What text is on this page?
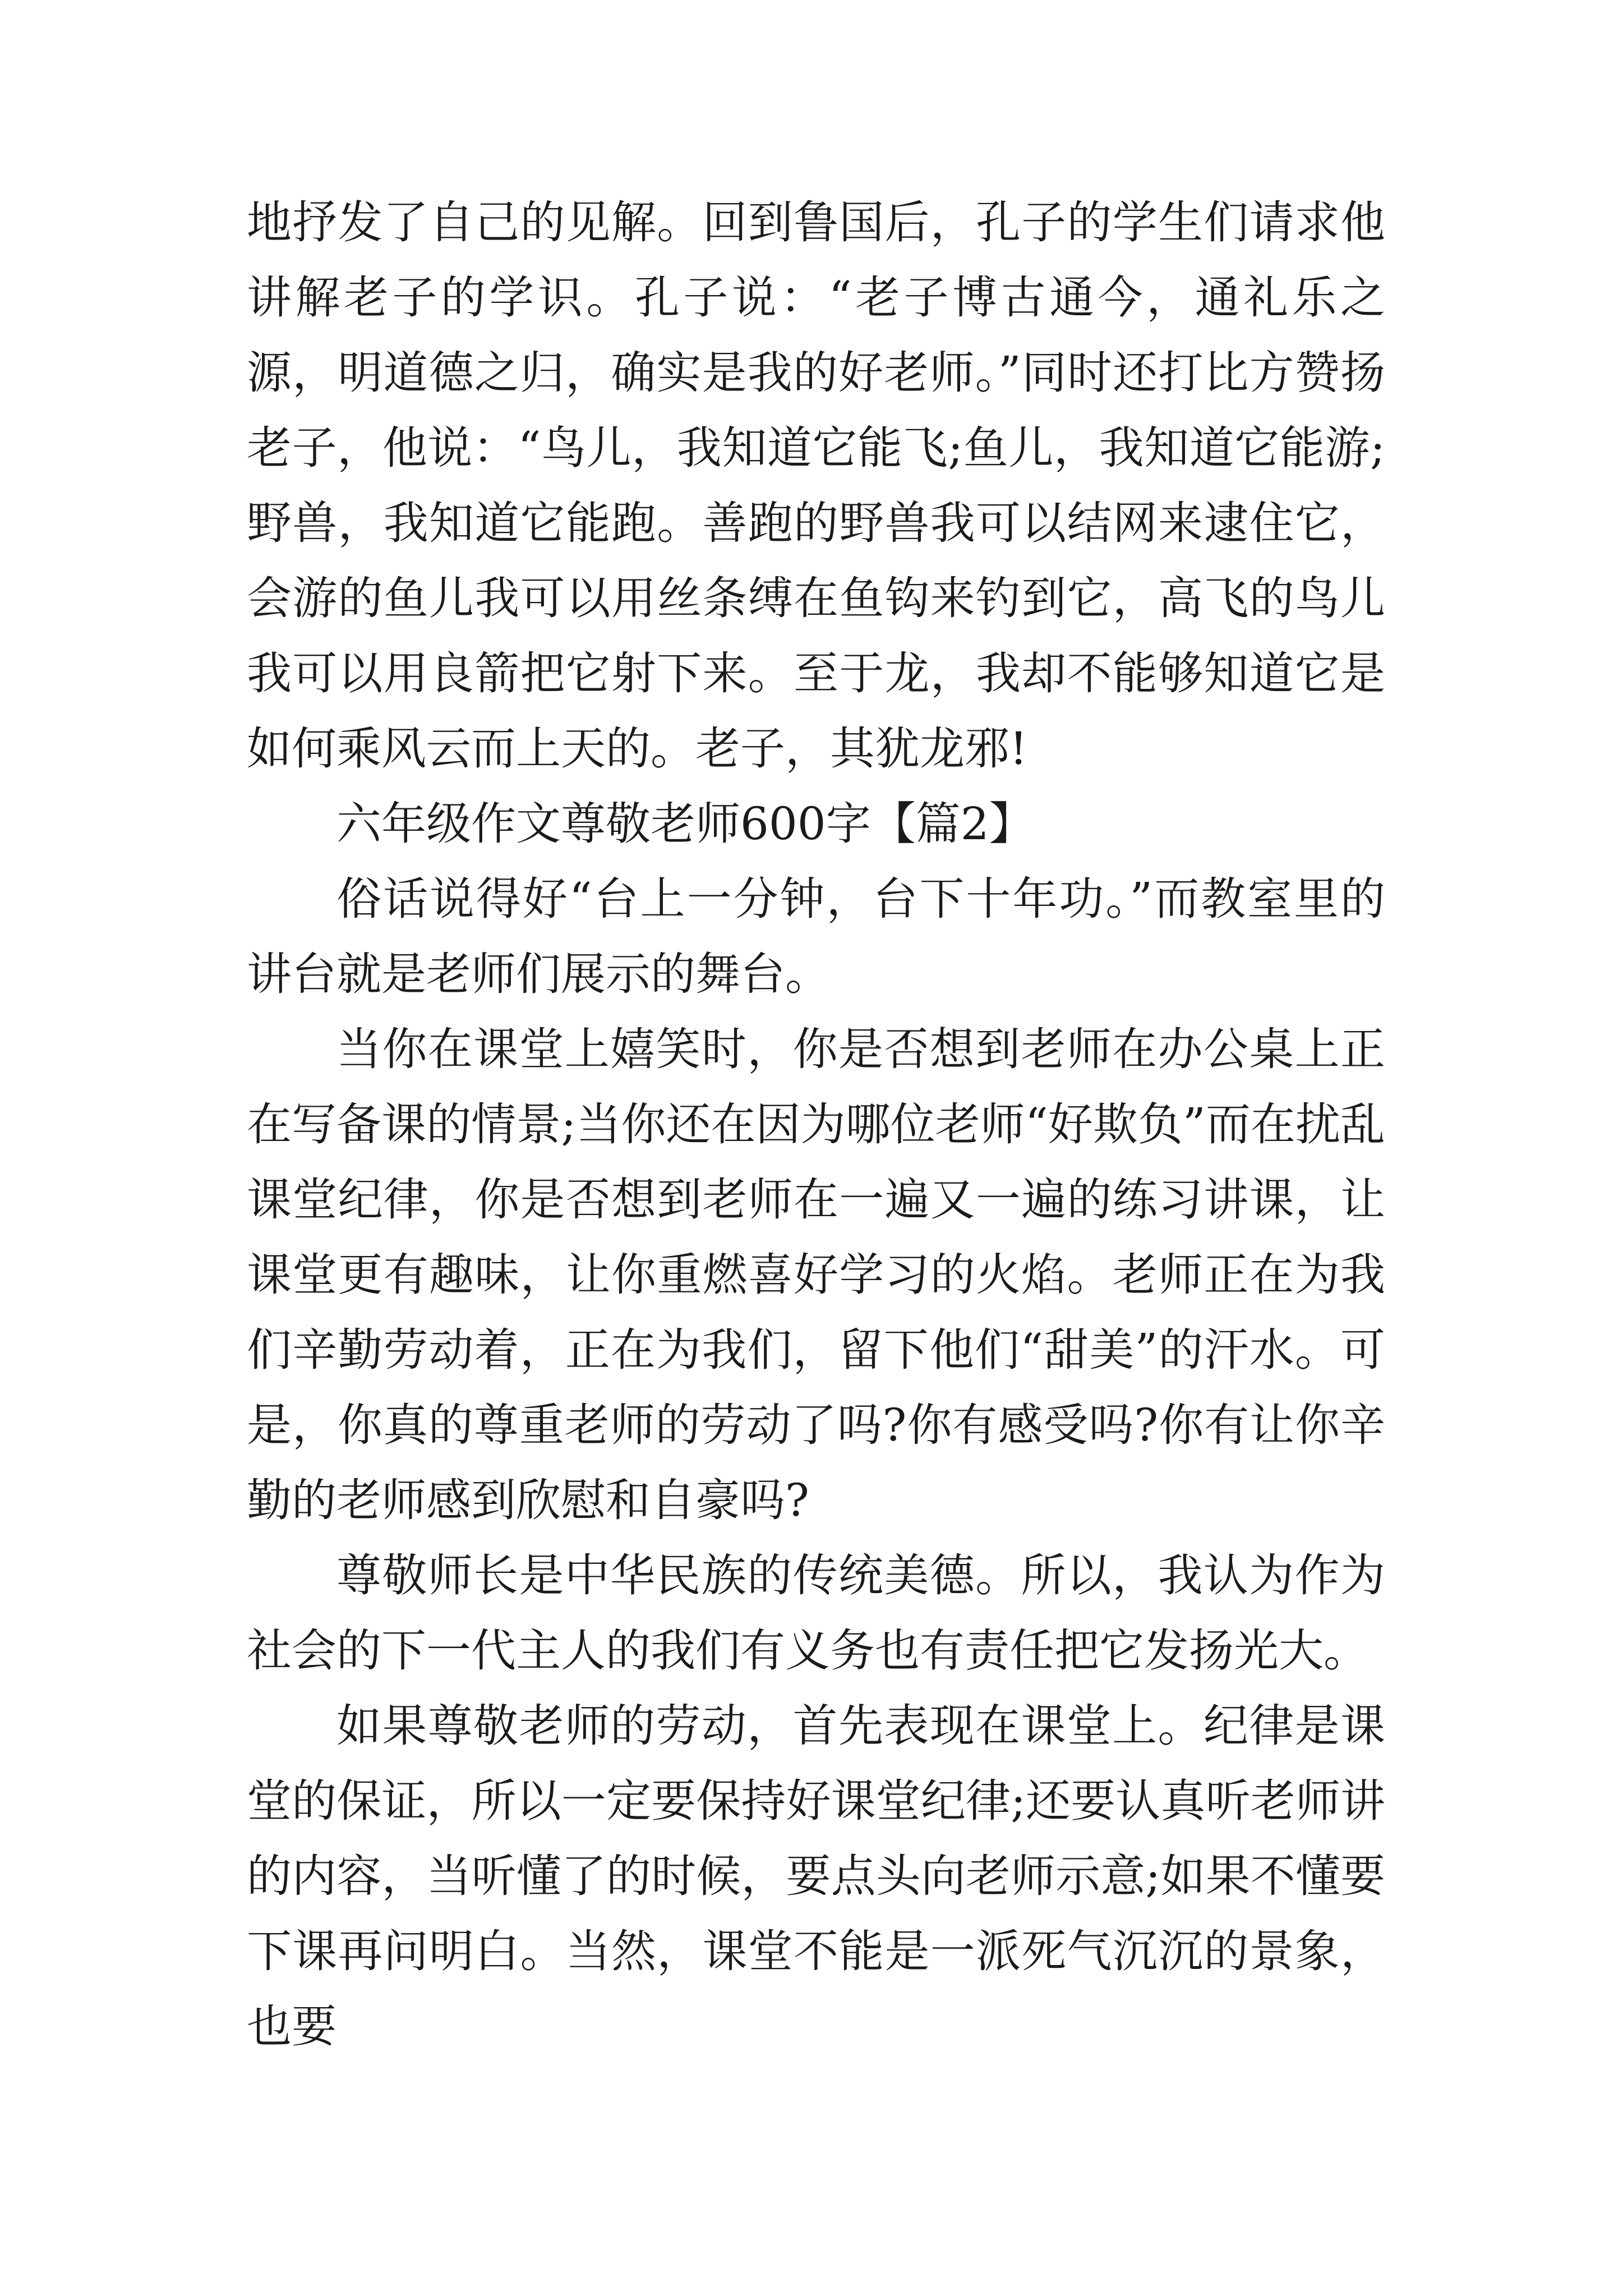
地抒发了自己的见解。回到鲁国后，孔子的学生们请求他讲解老子的学识。孔子说：“老子博古通今，通礼乐之源，明道德之归，确实是我的好老师。”同时还打比方赞扬老子，他说：“鸟儿，我知道它能飞;鱼儿，我知道它能游;野兽，我知道它能跑。善跑的野兽我可以结网来逮住它，会游的鱼儿我可以用丝条缚在鱼钩来钓到它，高飞的鸟儿我可以用良箭把它射下来。至于龙，我却不能够知道它是如何乘风云而上天的。老子，其犹龙邪!

六年级作文尊敬老师600字【篇2】

俗话说得好“台上一分钟，台下十年功。”而教室里的讲台就是老师们展示的舞台。

当你在课堂上嬉笑时，你是否想到老师在办公桌上正在写备课的情景;当你还在因为哪位老师“好欺负”而在扰乱课堂纪律，你是否想到老师在一遍又一遍的练习讲课，让课堂更有趣味，让你重燃喜好学习的火焰。老师正在为我们辛勤劳动着，正在为我们，留下他们“甜美”的汗水。可是，你真的尊重老师的劳动了吗?你有感受吗?你有让你辛勤的老师感到欣慰和自豪吗?

尊敬师长是中华民族的传统美德。所以，我认为作为社会的下一代主人的我们有义务也有责任把它发扬光大。

如果尊敬老师的劳动，首先表现在课堂上。纪律是课堂的保证，所以一定要保持好课堂纪律;还要认真听老师讲的内容，当听懂了的时候，要点头向老师示意;如果不懂要下课再问明白。当然，课堂不能是一派死气沉沉的景象，也要
